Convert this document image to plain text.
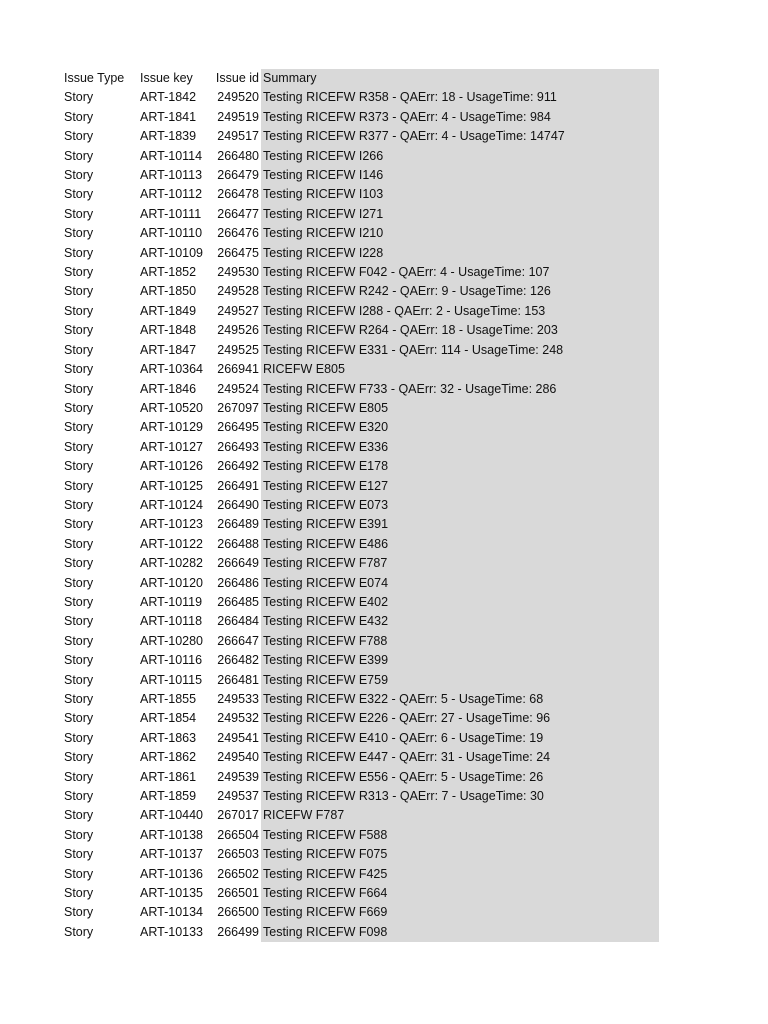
Issue Type	Issue key	Issue id	Summary
Story	ART-1842	249520	Testing RICEFW R358 - QAErr: 18 - UsageTime: 911
Story	ART-1841	249519	Testing RICEFW R373 - QAErr: 4 - UsageTime: 984
Story	ART-1839	249517	Testing RICEFW R377 - QAErr: 4 - UsageTime: 14747
Story	ART-10114	266480	Testing RICEFW I266
Story	ART-10113	266479	Testing RICEFW I146
Story	ART-10112	266478	Testing RICEFW I103
Story	ART-10111	266477	Testing RICEFW I271
Story	ART-10110	266476	Testing RICEFW I210
Story	ART-10109	266475	Testing RICEFW I228
Story	ART-1852	249530	Testing RICEFW F042 - QAErr: 4 - UsageTime: 107
Story	ART-1850	249528	Testing RICEFW R242 - QAErr: 9 - UsageTime: 126
Story	ART-1849	249527	Testing RICEFW I288 - QAErr: 2 - UsageTime: 153
Story	ART-1848	249526	Testing RICEFW R264 - QAErr: 18 - UsageTime: 203
Story	ART-1847	249525	Testing RICEFW E331 - QAErr: 114 - UsageTime: 248
Story	ART-10364	266941	RICEFW E805
Story	ART-1846	249524	Testing RICEFW F733 - QAErr: 32 - UsageTime: 286
Story	ART-10520	267097	Testing RICEFW E805
Story	ART-10129	266495	Testing RICEFW E320
Story	ART-10127	266493	Testing RICEFW E336
Story	ART-10126	266492	Testing RICEFW E178
Story	ART-10125	266491	Testing RICEFW E127
Story	ART-10124	266490	Testing RICEFW E073
Story	ART-10123	266489	Testing RICEFW E391
Story	ART-10122	266488	Testing RICEFW E486
Story	ART-10282	266649	Testing RICEFW F787
Story	ART-10120	266486	Testing RICEFW E074
Story	ART-10119	266485	Testing RICEFW E402
Story	ART-10118	266484	Testing RICEFW E432
Story	ART-10280	266647	Testing RICEFW F788
Story	ART-10116	266482	Testing RICEFW E399
Story	ART-10115	266481	Testing RICEFW E759
Story	ART-1855	249533	Testing RICEFW E322 - QAErr: 5 - UsageTime: 68
Story	ART-1854	249532	Testing RICEFW E226 - QAErr: 27 - UsageTime: 96
Story	ART-1863	249541	Testing RICEFW E410 - QAErr: 6 - UsageTime: 19
Story	ART-1862	249540	Testing RICEFW E447 - QAErr: 31 - UsageTime: 24
Story	ART-1861	249539	Testing RICEFW E556 - QAErr: 5 - UsageTime: 26
Story	ART-1859	249537	Testing RICEFW R313 - QAErr: 7 - UsageTime: 30
Story	ART-10440	267017	RICEFW F787
Story	ART-10138	266504	Testing RICEFW F588
Story	ART-10137	266503	Testing RICEFW F075
Story	ART-10136	266502	Testing RICEFW F425
Story	ART-10135	266501	Testing RICEFW F664
Story	ART-10134	266500	Testing RICEFW F669
Story	ART-10133	266499	Testing RICEFW F098
